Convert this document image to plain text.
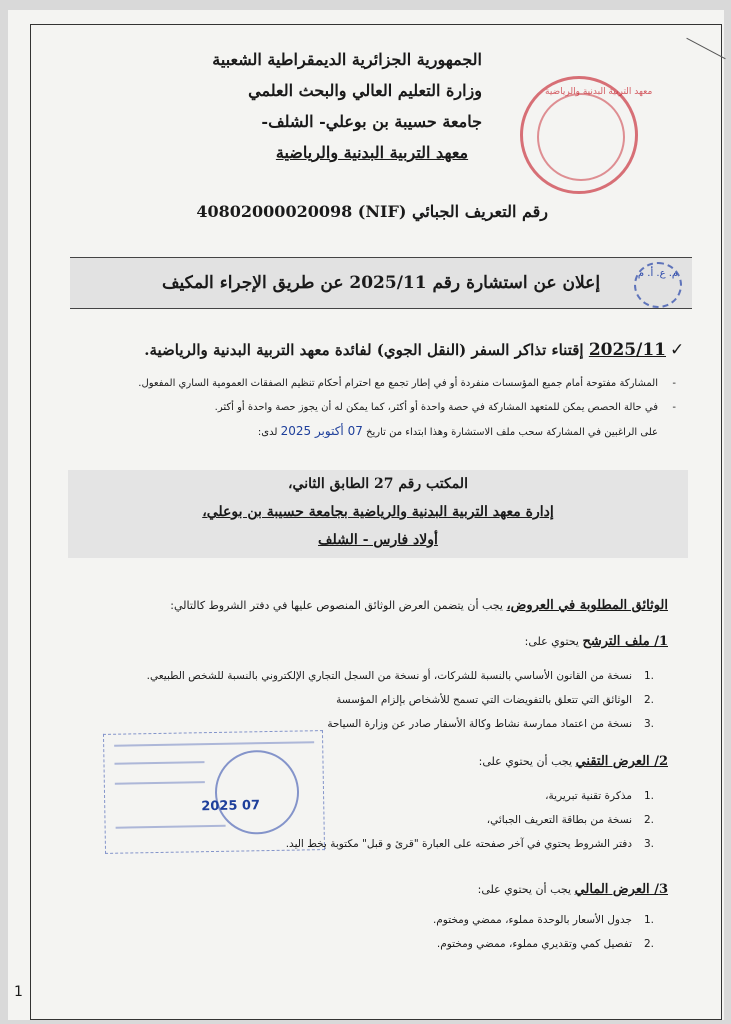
معهد التربية البدنية والرياضية
الجمهورية الجزائرية الديمقراطية الشعبية
وزارة التعليم العالي والبحث العلمي
جامعة حسيبة بن بوعلي- الشلف-
معهد التربية البدنية والرياضية
رقم التعريف الجبائي (NIF) 40802000020098
إعلان عن استشارة رقم 2025/11 عن طريق الإجراء المكيف	م. ع. أ. م
✓
2025/11 إقتناء تذاكر السفر (النقل الجوي) لفائدة معهد التربية البدنية والرياضية.
- المشاركة مفتوحة أمام جميع المؤسسات منفردة أو في إطار تجمع مع احترام أحكام تنظيم الصفقات العمومية الساري المفعول.
- في حالة الحصص يمكن للمتعهد المشاركة في حصة واحدة أو أكثر، كما يمكن له أن يجوز حصة واحدة أو أكثر.
على الراغبين في المشاركة سحب ملف الاستشارة وهذا ابتداء من تاريخ 07 أكتوبر 2025 لدى:
المكتب رقم 27 الطابق الثاني،
إدارة معهد التربية البدنية والرياضية بجامعة حسيبة بن بوعلي،
أولاد فارس - الشلف
الوثائق المطلوبة في العروض، يجب أن يتضمن العرض الوثائق المنصوص عليها في دفتر الشروط كالتالي:
1/ ملف الترشح يحتوي على:
.1نسخة من القانون الأساسي بالنسبة للشركات، أو نسخة من السجل التجاري الإلكتروني بالنسبة للشخص الطبيعي.
.2الوثائق التي تتعلق بالتفويضات التي تسمح للأشخاص بإلزام المؤسسة
.3نسخة من اعتماد ممارسة نشاط وكالة الأسفار صادر عن وزارة السياحة
2025 07
2/ العرض التقني يجب أن يحتوي على:
.1مذكرة تقنية تبريرية،
.2نسخة من بطاقة التعريف الجبائي،
.3دفتر الشروط يحتوي في آخر صفحته على العبارة "قرئ و قبل" مكتوبة بخط اليد.
3/ العرض المالي يجب أن يحتوي على:
.1جدول الأسعار بالوحدة مملوء، ممضي ومختوم.
.2تفصيل كمي وتقديري مملوء، ممضي ومختوم.
1
